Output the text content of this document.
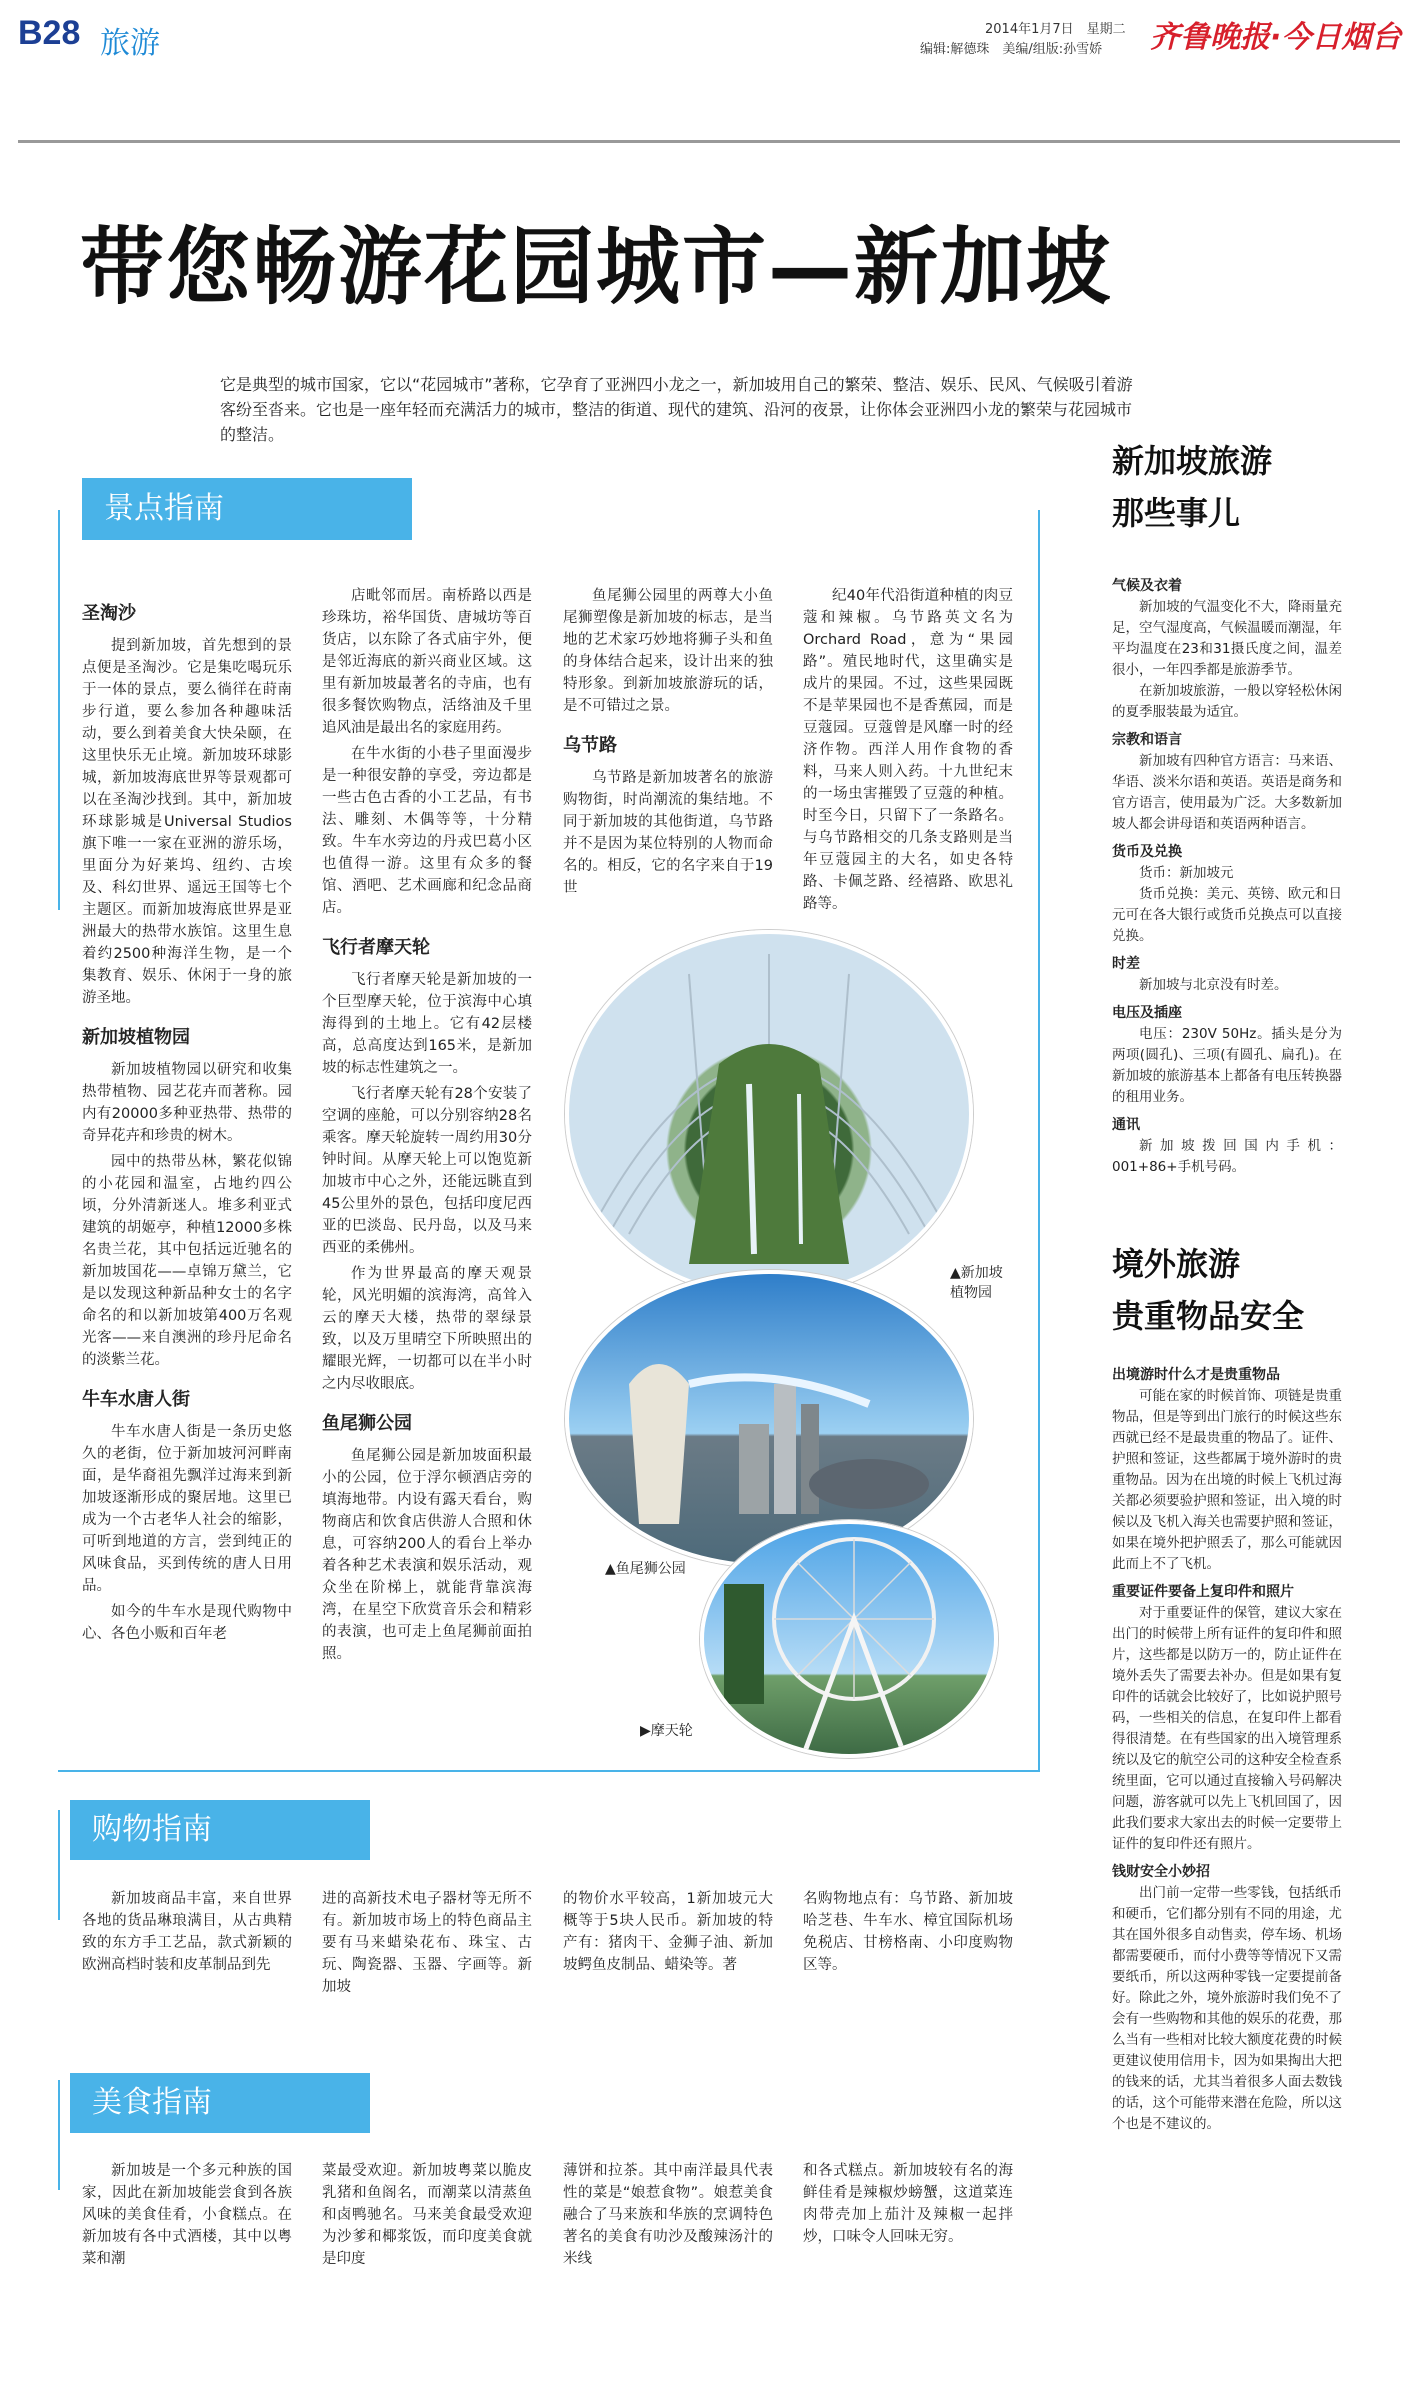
B28 旅游	2014年1月7日　星期二
编辑:解德珠　美编/组版:孙雪娇 齐鲁晚报·今日烟台
带您畅游花园城市—新加坡
它是典型的城市国家，它以“花园城市”著称，它孕育了亚洲四小龙之一，新加坡用自己的繁荣、整洁、娱乐、民风、气候吸引着游客纷至沓来。它也是一座年轻而充满活力的城市，整洁的街道、现代的建筑、沿河的夜景，让你体会亚洲四小龙的繁荣与花园城市的整洁。
景点指南
圣淘沙

提到新加坡，首先想到的景点便是圣淘沙。它是集吃喝玩乐于一体的景点，要么徜徉在莳南步行道，要么参加各种趣味活动，要么到着美食大快朵颐，在这里快乐无止境。新加坡环球影城，新加坡海底世界等景观都可以在圣淘沙找到。其中，新加坡环球影城是Universal Studios旗下唯一一家在亚洲的游乐场，里面分为好莱坞、纽约、古埃及、科幻世界、遥远王国等七个主题区。而新加坡海底世界是亚洲最大的热带水族馆。这里生息着约2500种海洋生物，是一个集教育、娱乐、休闲于一身的旅游圣地。

新加坡植物园

新加坡植物园以研究和收集热带植物、园艺花卉而著称。园内有20000多种亚热带、热带的奇异花卉和珍贵的树木。

园中的热带丛林，繁花似锦的小花园和温室，占地约四公顷，分外清新迷人。堆多利亚式建筑的胡姬亭，种植12000多株名贵兰花，其中包括远近驰名的新加坡国花——卓锦万黛兰，它是以发现这种新品种女士的名字命名的和以新加坡第400万名观光客——来自澳洲的珍丹尼命名的淡紫兰花。

牛车水唐人街

牛车水唐人街是一条历史悠久的老街，位于新加坡河河畔南面，是华裔祖先飘洋过海来到新加坡逐渐形成的聚居地。这里已成为一个古老华人社会的缩影，可听到地道的方言，尝到纯正的风味食品，买到传统的唐人日用品。

如今的牛车水是现代购物中心、各色小贩和百年老

店毗邻而居。南桥路以西是珍珠坊，裕华国货、唐城坊等百货店，以东除了各式庙宇外，便是邻近海底的新兴商业区域。这里有新加坡最著名的寺庙，也有很多餐饮购物点，活络油及千里追风油是最出名的家庭用药。

在牛水街的小巷子里面漫步是一种很安静的享受，旁边都是一些古色古香的小工艺品，有书法、雕刻、木偶等等，十分精致。牛车水旁边的丹戎巴葛小区也值得一游。这里有众多的餐馆、酒吧、艺术画廊和纪念品商店。

飞行者摩天轮

飞行者摩天轮是新加坡的一个巨型摩天轮，位于滨海中心填海得到的土地上。它有42层楼高，总高度达到165米，是新加坡的标志性建筑之一。

飞行者摩天轮有28个安装了空调的座舱，可以分别容纳28名乘客。摩天轮旋转一周约用30分钟时间。从摩天轮上可以饱览新加坡市中心之外，还能远眺直到45公里外的景色，包括印度尼西亚的巴淡岛、民丹岛，以及马来西亚的柔佛州。

作为世界最高的摩天观景轮，风光明媚的滨海湾，高耸入云的摩天大楼，热带的翠绿景致，以及万里晴空下所映照出的耀眼光辉，一切都可以在半小时之内尽收眼底。

鱼尾狮公园

鱼尾狮公园是新加坡面积最小的公园，位于浮尔顿酒店旁的填海地带。内设有露天看台，购物商店和饮食店供游人合照和休息，可容纳200人的看台上举办着各种艺术表演和娱乐活动，观众坐在阶梯上，就能背靠滨海湾，在星空下欣赏音乐会和精彩的表演，也可走上鱼尾狮前面拍照。

鱼尾狮公园里的两尊大小鱼尾狮塑像是新加坡的标志，是当地的艺术家巧妙地将狮子头和鱼的身体结合起来，设计出来的独特形象。到新加坡旅游玩的话，是不可错过之景。

乌节路

乌节路是新加坡著名的旅游购物街，时尚潮流的集结地。不同于新加坡的其他街道，乌节路并不是因为某位特别的人物而命名的。相反，它的名字来自于19世

纪40年代沿街道种植的肉豆蔻和辣椒。乌节路英文名为Orchard Road，意为“果园路”。殖民地时代，这里确实是成片的果园。不过，这些果园既不是苹果园也不是香蕉园，而是豆蔻园。豆蔻曾是风靡一时的经济作物。西洋人用作食物的香料，马来人则入药。十九世纪末的一场虫害摧毁了豆蔻的种植。时至今日，只留下了一条路名。与乌节路相交的几条支路则是当年豆蔻园主的大名，如史各特路、卡佩芝路、经禧路、欧思礼路等。

▲新加坡
植物园
▲鱼尾狮公园
▶摩天轮
购物指南

新加坡商品丰富，来自世界各地的货品琳琅满目，从古典精致的东方手工艺品，款式新颖的欧洲高档时装和皮革制品到先

进的高新技术电子器材等无所不有。新加坡市场上的特色商品主要有马来蜡染花布、珠宝、古玩、陶瓷器、玉器、字画等。新加坡

的物价水平较高，1新加坡元大概等于5块人民币。新加坡的特产有：猪肉干、金狮子油、新加坡鳄鱼皮制品、蜡染等。著

名购物地点有：乌节路、新加坡哈芝巷、牛车水、樟宜国际机场免税店、甘榜格南、小印度购物区等。

美食指南

新加坡是一个多元种族的国家，因此在新加坡能尝食到各族风味的美食佳肴，小食糕点。在新加坡有各中式酒楼，其中以粤菜和潮

菜最受欢迎。新加坡粤菜以脆皮乳猪和鱼阁名，而潮菜以清蒸鱼和卤鸭驰名。马来美食最受欢迎为沙爹和椰浆饭，而印度美食就是印度

薄饼和拉茶。其中南洋最具代表性的菜是“娘惹食物”。娘惹美食融合了马来族和华族的烹调特色著名的美食有叻沙及酸辣汤汁的米线

和各式糕点。新加坡较有名的海鲜佳肴是辣椒炒螃蟹，这道菜连肉带壳加上茄汁及辣椒一起拌炒，口味令人回味无穷。

新加坡旅游
那些事儿
气候及衣着

新加坡的气温变化不大，降雨量充足，空气湿度高，气候温暖而潮湿，年平均温度在23和31摄氏度之间，温差很小，一年四季都是旅游季节。

在新加坡旅游，一般以穿轻松休闲的夏季服装最为适宜。

宗教和语言

新加坡有四种官方语言：马来语、华语、淡米尔语和英语。英语是商务和官方语言，使用最为广泛。大多数新加坡人都会讲母语和英语两种语言。

货币及兑换

货币：新加坡元

货币兑换：美元、英镑、欧元和日元可在各大银行或货币兑换点可以直接兑换。

时差

新加坡与北京没有时差。

电压及插座

电压：230V 50Hz。插头是分为两项(圆孔)、三项(有圆孔、扁孔)。在新加坡的旅游基本上都备有电压转换器的租用业务。

通讯

新加坡拨回国内手机：001+86+手机号码。

境外旅游
贵重物品安全
出境游时什么才是贵重物品

可能在家的时候首饰、项链是贵重物品，但是等到出门旅行的时候这些东西就已经不是最贵重的物品了。证件、护照和签证，这些都属于境外游时的贵重物品。因为在出境的时候上飞机过海关都必须要验护照和签证，出入境的时候以及飞机入海关也需要护照和签证，如果在境外把护照丢了，那么可能就因此而上不了飞机。

重要证件要备上复印件和照片

对于重要证件的保管，建议大家在出门的时候带上所有证件的复印件和照片，这些都是以防万一的，防止证件在境外丢失了需要去补办。但是如果有复印件的话就会比较好了，比如说护照号码，一些相关的信息，在复印件上都看得很清楚。在有些国家的出入境管理系统以及它的航空公司的这种安全检查系统里面，它可以通过直接输入号码解决问题，游客就可以先上飞机回国了，因此我们要求大家出去的时候一定要带上证件的复印件还有照片。

钱财安全小妙招

出门前一定带一些零钱，包括纸币和硬币，它们都分别有不同的用途，尤其在国外很多自动售卖，停车场、机场都需要硬币，而付小费等等情况下又需要纸币，所以这两种零钱一定要提前备好。除此之外，境外旅游时我们免不了会有一些购物和其他的娱乐的花费，那么当有一些相对比较大额度花费的时候更建议使用信用卡，因为如果掏出大把的钱来的话，尤其当着很多人面去数钱的话，这个可能带来潜在危险，所以这个也是不建议的。
